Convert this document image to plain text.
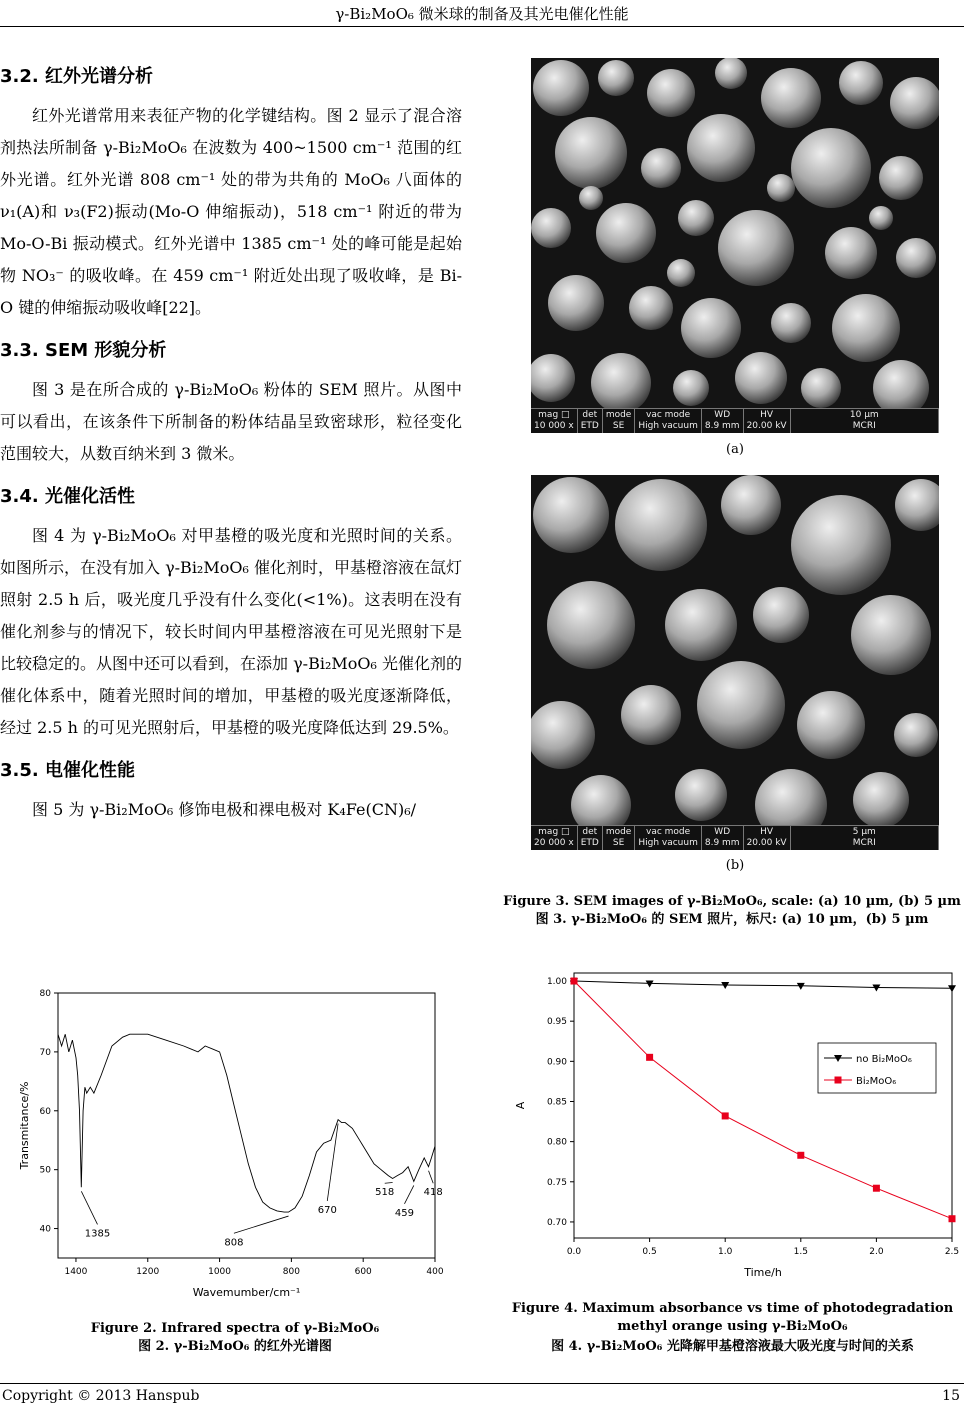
γ-Bi₂MoO₆ 微米球的制备及其光电催化性能
3.2. 红外光谱分析

红外光谱常用来表征产物的化学键结构。图 2 显示了混合溶剂热法所制备 γ-Bi₂MoO₆ 在波数为 400~1500 cm⁻¹ 范围的红外光谱。红外光谱 808 cm⁻¹ 处的带为共角的 MoO₆ 八面体的 ν₁(A)和 ν₃(F2)振动(Mo-O 伸缩振动)，518 cm⁻¹ 附近的带为 Mo-O-Bi 振动模式。红外光谱中 1385 cm⁻¹ 处的峰可能是起始物 NO₃⁻ 的吸收峰。在 459 cm⁻¹ 附近处出现了吸收峰，是 Bi-O 键的伸缩振动吸收峰[22]。

3.3. SEM 形貌分析

图 3 是在所合成的 γ-Bi₂MoO₆ 粉体的 SEM 照片。从图中可以看出，在该条件下所制备的粉体结晶呈致密球形，粒径变化范围较大，从数百纳米到 3 微米。

3.4. 光催化活性

图 4 为 γ-Bi₂MoO₆ 对甲基橙的吸光度和光照时间的关系。如图所示，在没有加入 γ-Bi₂MoO₆ 催化剂时，甲基橙溶液在氙灯照射 2.5 h 后，吸光度几乎没有什么变化(<1%)。这表明在没有催化剂参与的情况下，较长时间内甲基橙溶液在可见光照射下是比较稳定的。从图中还可以看到，在添加 γ-Bi₂MoO₆ 光催化剂的催化体系中，随着光照时间的增加，甲基橙的吸光度逐渐降低，经过 2.5 h 的可见光照射后，甲基橙的吸光度降低达到 29.5%。

3.5. 电催化性能

图 5 为 γ-Bi₂MoO₆ 修饰电极和裸电极对 K₄Fe(CN)₆/

mag □
10 000 x
det
ETD
mode
SE
vac mode
High vacuum
WD
8.9 mm
HV
20.00 kV
10 µm
MCRI
(a)
mag □
20 000 x
det
ETD
mode
SE
vac mode
High vacuum
WD
8.9 mm
HV
20.00 kV
5 µm
MCRI
(b)
Figure 3. SEM images of γ-Bi₂MoO₆, scale: (a) 10 µm, (b) 5 µm
图 3. γ-Bi₂MoO₆ 的 SEM 照片，标尺: (a) 10 µm，(b) 5 µm
1400	1200	1000	800	600	400
40
50
60
70
80
Wavemumber/cm⁻¹
Transmitance/%
1385
808
670
518
459
418
Figure 2. Infrared spectra of γ-Bi₂MoO₆
图 2. γ-Bi₂MoO₆ 的红外光谱图
0.0	0.5	1.0	1.5	2.0	2.5
0.70
0.75
0.80
0.85
0.90
0.95
1.00
Time/h
A
no Bi₂MoO₆
Bi₂MoO₆
Figure 4. Maximum absorbance vs time of photodegradation methyl orange using γ-Bi₂MoO₆
图 4. γ-Bi₂MoO₆ 光降解甲基橙溶液最大吸光度与时间的关系
Copyright © 2013 Hanspub	15
